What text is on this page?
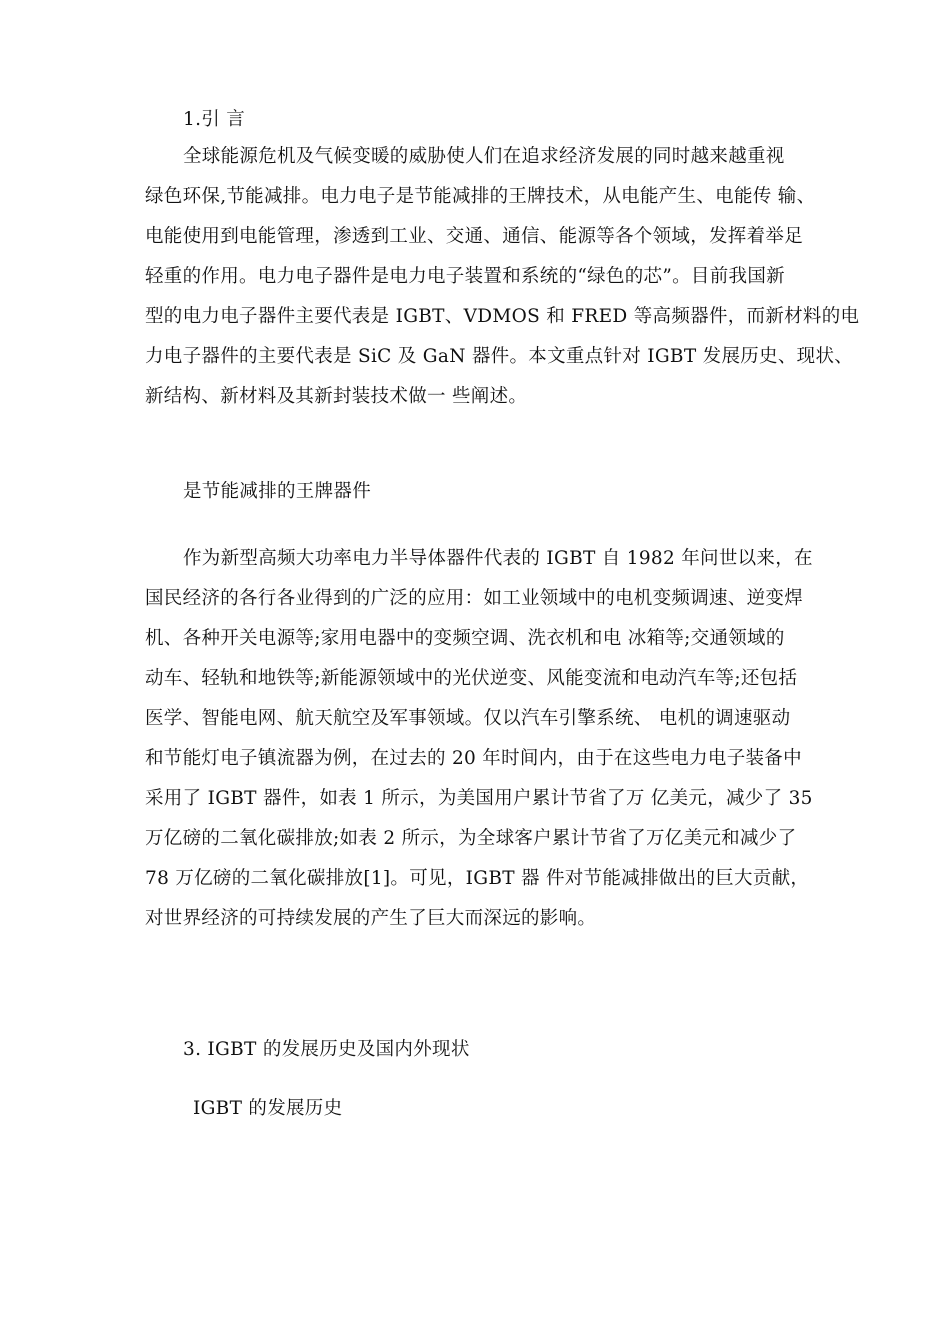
1.引 言
全球能源危机及气候变暖的威胁使人们在追求经济发展的同时越来越重视
绿色环保,节能减排。电力电子是节能减排的王牌技术，从电能产生、电能传 输、
电能使用到电能管理，渗透到工业、交通、通信、能源等各个领域，发挥着举足
轻重的作用。电力电子器件是电力电子装置和系统的“绿色的芯”。目前我国新
型的电力电子器件主要代表是 IGBT、VDMOS 和 FRED 等高频器件，而新材料的电
力电子器件的主要代表是 SiC 及 GaN 器件。本文重点针对 IGBT 发展历史、现状、
新结构、新材料及其新封装技术做一 些阐述。
是节能减排的王牌器件
作为新型高频大功率电力半导体器件代表的 IGBT 自 1982 年问世以来，在
国民经济的各行各业得到的广泛的应用：如工业领域中的电机变频调速、逆变焊
机、各种开关电源等;家用电器中的变频空调、洗衣机和电 冰箱等;交通领域的
动车、轻轨和地铁等;新能源领域中的光伏逆变、风能变流和电动汽车等;还包括
医学、智能电网、航天航空及军事领域。仅以汽车引擎系统、 电机的调速驱动
和节能灯电子镇流器为例，在过去的 20 年时间内，由于在这些电力电子装备中
采用了 IGBT 器件，如表 1 所示，为美国用户累计节省了万 亿美元，减少了 35
万亿磅的二氧化碳排放;如表 2 所示，为全球客户累计节省了万亿美元和减少了
78 万亿磅的二氧化碳排放[1]。可见，IGBT 器 件对节能减排做出的巨大贡献，
对世界经济的可持续发展的产生了巨大而深远的影响。
3. IGBT 的发展历史及国内外现状
IGBT 的发展历史
